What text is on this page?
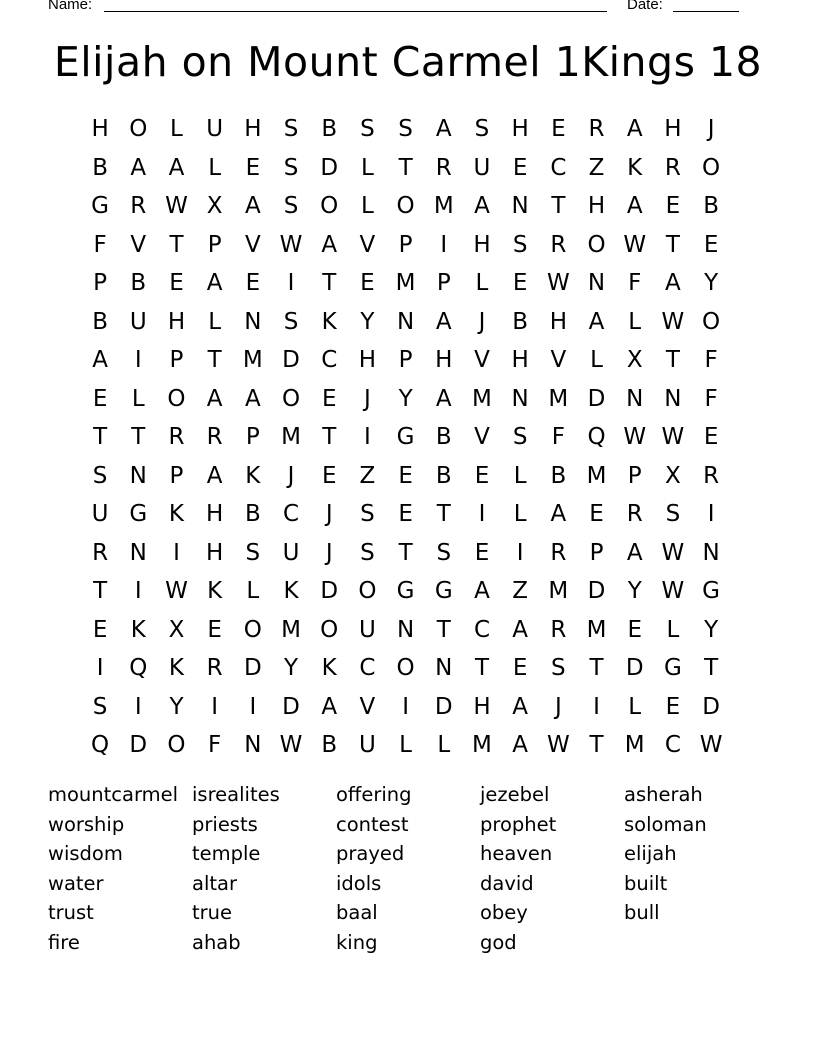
Name:	Date:
Elijah on Mount Carmel 1Kings 18
H O L	U H S	B S	S	A	S H E R A H	J
B A A	L	E	S D L	T	R U E C Z K R O
G R W X A	S O L O M A N T H A	E	B
F	V	T	P	V W A V	P	I	H S R O W T	E
P	B	E	A	E	I	T	E M P	L	E W N F	A	Y
B U H	L	N S	K	Y N A	J	B H A	L W O
A	I	P	T M D C H P H V H V	L	X	T	F
E	L O A A O E	J	Y	A M N M D N N F
T	T	R R	P M T	I	G B V	S	F Q W W E
S N P	A K	J	E	Z	E	B	E	L	B M P	X R
U G K H B C	J	S	E	T	I	L	A	E R S	I
R N	I	H S U	J	S	T	S	E	I	R	P	A W N
T	I	W K	L	K D O G G A Z M D Y W G
E	K X	E O M O U N T	C A R M E	L	Y
I	Q K R D Y	K C O N T	E	S	T D G T
S	I	Y	I	I	D A V	I	D H A	J	I	L	E D
Q D O F N W B U	L	L M A W T M C W
mountcarmel
worship
wisdom
water
trust
fire
isrealites
priests
temple
altar
true
ahab
offering
contest
prayed
idols
baal
king
jezebel
prophet
heaven
david
obey
god
asherah
soloman
elijah
built
bull
